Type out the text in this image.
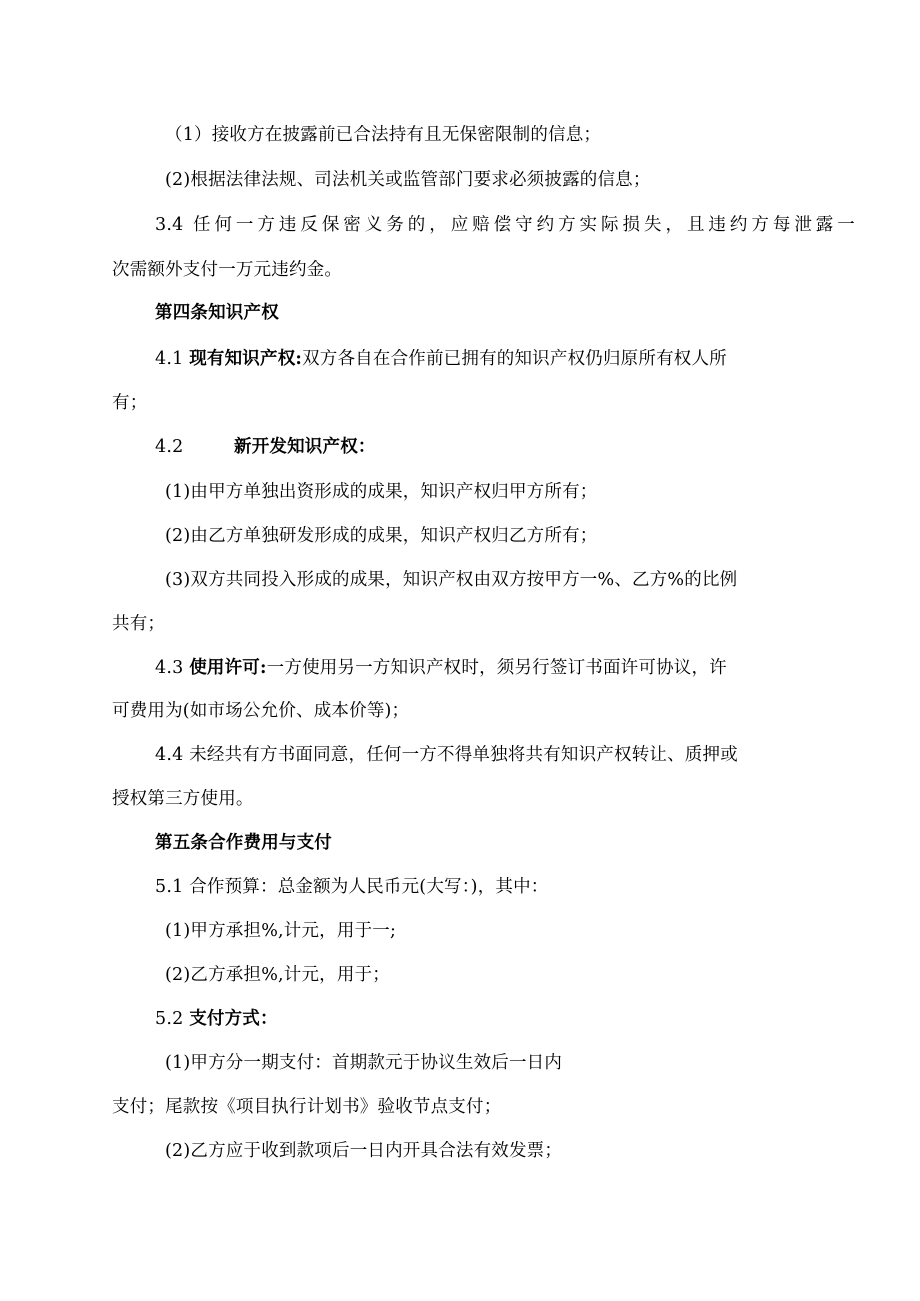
（1）接收方在披露前已合法持有且无保密限制的信息；
(2)根据法律法规、司法机关或监管部门要求必须披露的信息；
3.4 任何一方违反保密义务的，应赔偿守约方实际损失，且违约方每泄露一
次需额外支付一万元违约金。
第四条知识产权
4.1 现有知识产权:双方各自在合作前已拥有的知识产权仍归原所有权人所
有；
4.2	新开发知识产权：
(1)由甲方单独出资形成的成果，知识产权归甲方所有；
(2)由乙方单独研发形成的成果，知识产权归乙方所有；
(3)双方共同投入形成的成果，知识产权由双方按甲方一%、乙方%的比例
共有；
4.3 使用许可:一方使用另一方知识产权时，须另行签订书面许可协议，许
可费用为(如市场公允价、成本价等)；
4.4 未经共有方书面同意，任何一方不得单独将共有知识产权转让、质押或
授权第三方使用。
第五条合作费用与支付
5.1 合作预算：总金额为人民币元(大写：)，其中：
(1)甲方承担%,计元，用于一;
(2)乙方承担%,计元，用于；
5.2 支付方式：
(1)甲方分一期支付：首期款元于协议生效后一日内
支付；尾款按《项目执行计划书》验收节点支付；
(2)乙方应于收到款项后一日内开具合法有效发票；
